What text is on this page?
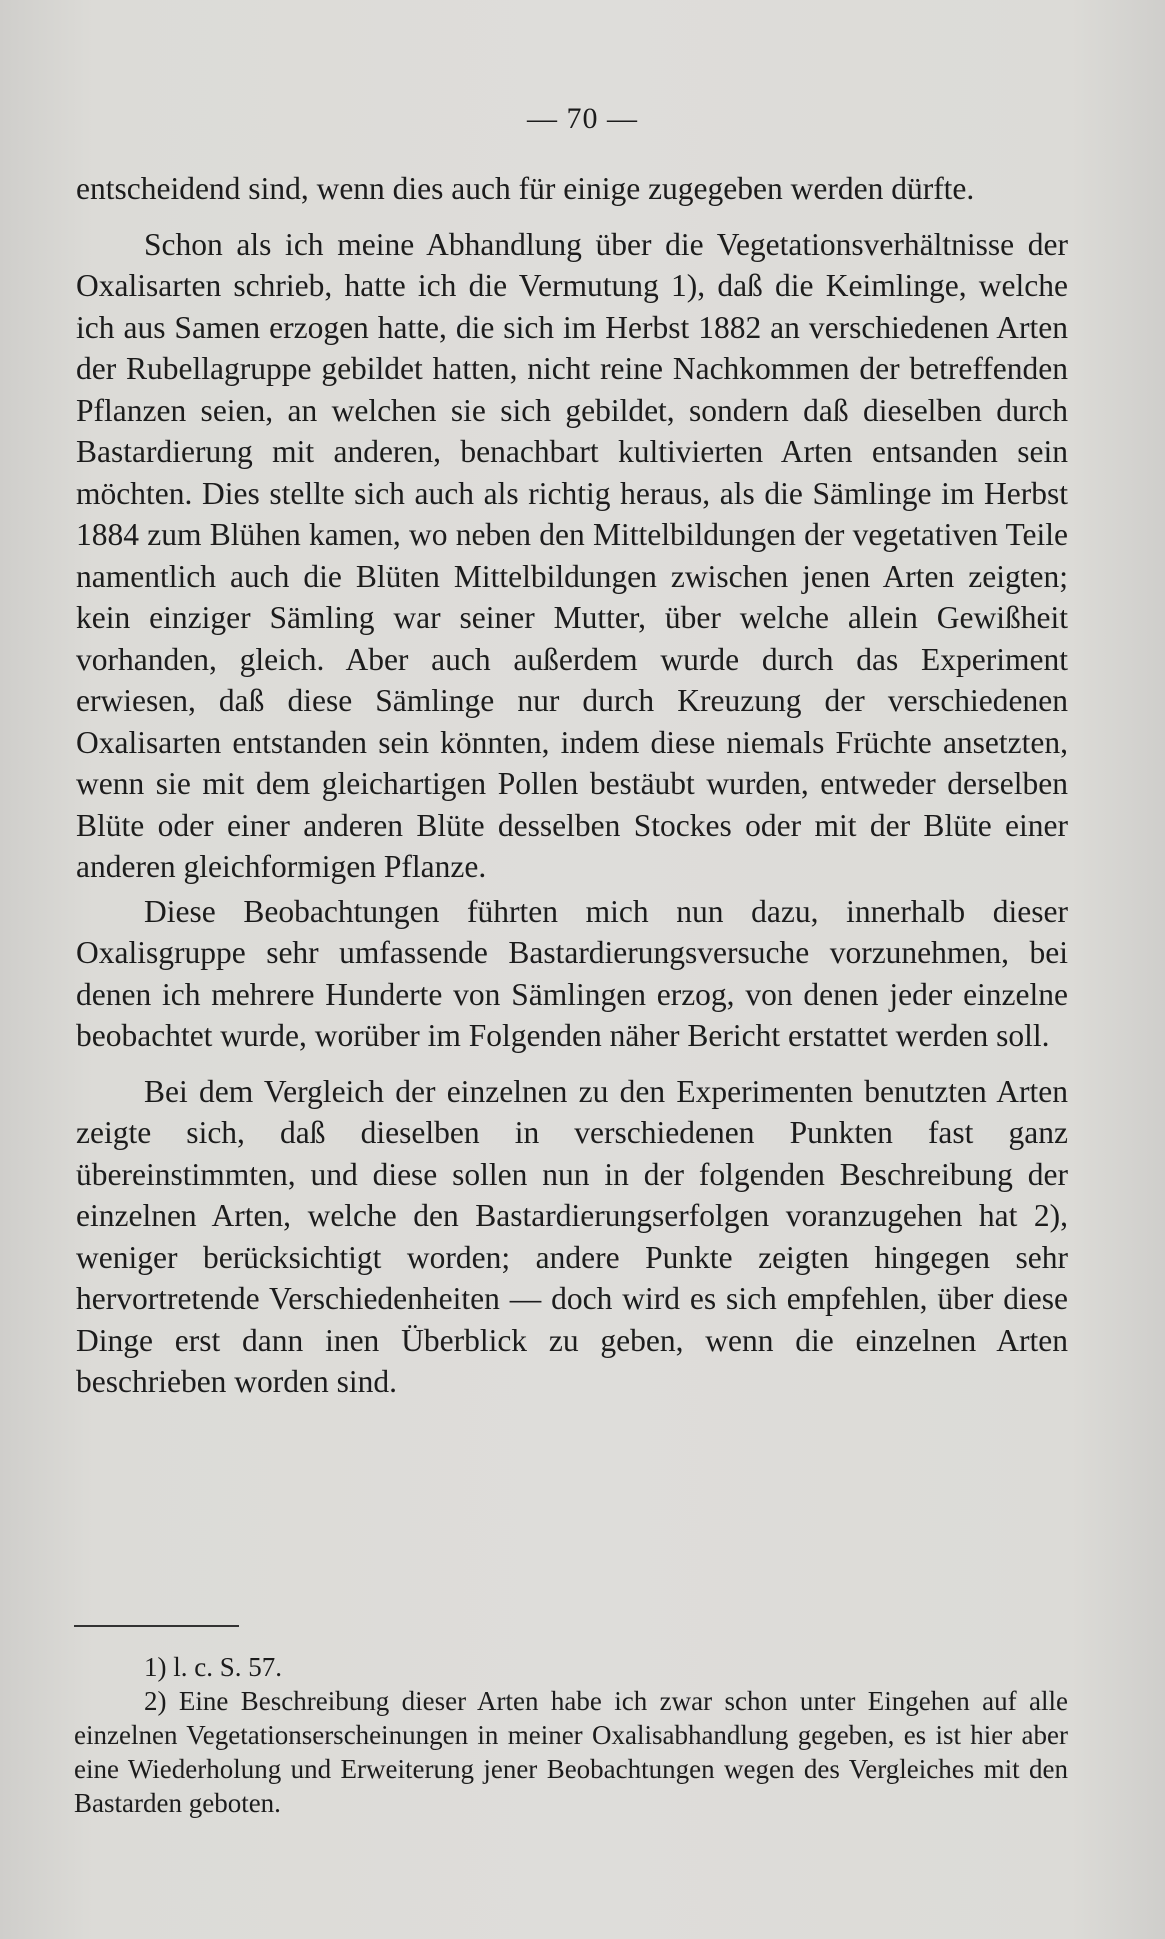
— 70 —

entscheidend sind, wenn dies auch für einige zugegeben werden dürfte.

Schon als ich meine Abhandlung über die Vegetationsverhältnisse der Oxalisarten schrieb, hatte ich die Vermutung 1), daß die Keimlinge, welche ich aus Samen erzogen hatte, die sich im Herbst 1882 an verschiedenen Arten der Rubellagruppe gebildet hatten, nicht reine Nachkommen der betreffenden Pflanzen seien, an welchen sie sich gebildet, sondern daß dieselben durch Bastardierung mit anderen, benachbart kultivierten Arten entsanden sein möchten. Dies stellte sich auch als richtig heraus, als die Sämlinge im Herbst 1884 zum Blühen kamen, wo neben den Mittelbildungen der vegetativen Teile namentlich auch die Blüten Mittelbildungen zwischen jenen Arten zeigten; kein einziger Sämling war seiner Mutter, über welche allein Gewißheit vorhanden, gleich. Aber auch außerdem wurde durch das Experiment erwiesen, daß diese Sämlinge nur durch Kreuzung der verschiedenen Oxalisarten entstanden sein könnten, indem diese niemals Früchte ansetzten, wenn sie mit dem gleichartigen Pollen bestäubt wurden, entweder derselben Blüte oder einer anderen Blüte desselben Stockes oder mit der Blüte einer anderen gleichformigen Pflanze.

Diese Beobachtungen führten mich nun dazu, innerhalb dieser Oxalisgruppe sehr umfassende Bastardierungsversuche vorzunehmen, bei denen ich mehrere Hunderte von Sämlingen erzog, von denen jeder einzelne beobachtet wurde, worüber im Folgenden näher Bericht erstattet werden soll.

Bei dem Vergleich der einzelnen zu den Experimenten benutzten Arten zeigte sich, daß dieselben in verschiedenen Punkten fast ganz übereinstimmten, und diese sollen nun in der folgenden Beschreibung der einzelnen Arten, welche den Bastardierungserfolgen voranzugehen hat 2), weniger berücksichtigt worden; andere Punkte zeigten hingegen sehr hervortretende Verschiedenheiten — doch wird es sich empfehlen, über diese Dinge erst dann inen Überblick zu geben, wenn die einzelnen Arten beschrieben worden sind.

1) l. c. S. 57.

2) Eine Beschreibung dieser Arten habe ich zwar schon unter Eingehen auf alle einzelnen Vegetationserscheinungen in meiner Oxalisabhandlung gegeben, es ist hier aber eine Wiederholung und Erweiterung jener Beobachtungen wegen des Vergleiches mit den Bastarden geboten.
